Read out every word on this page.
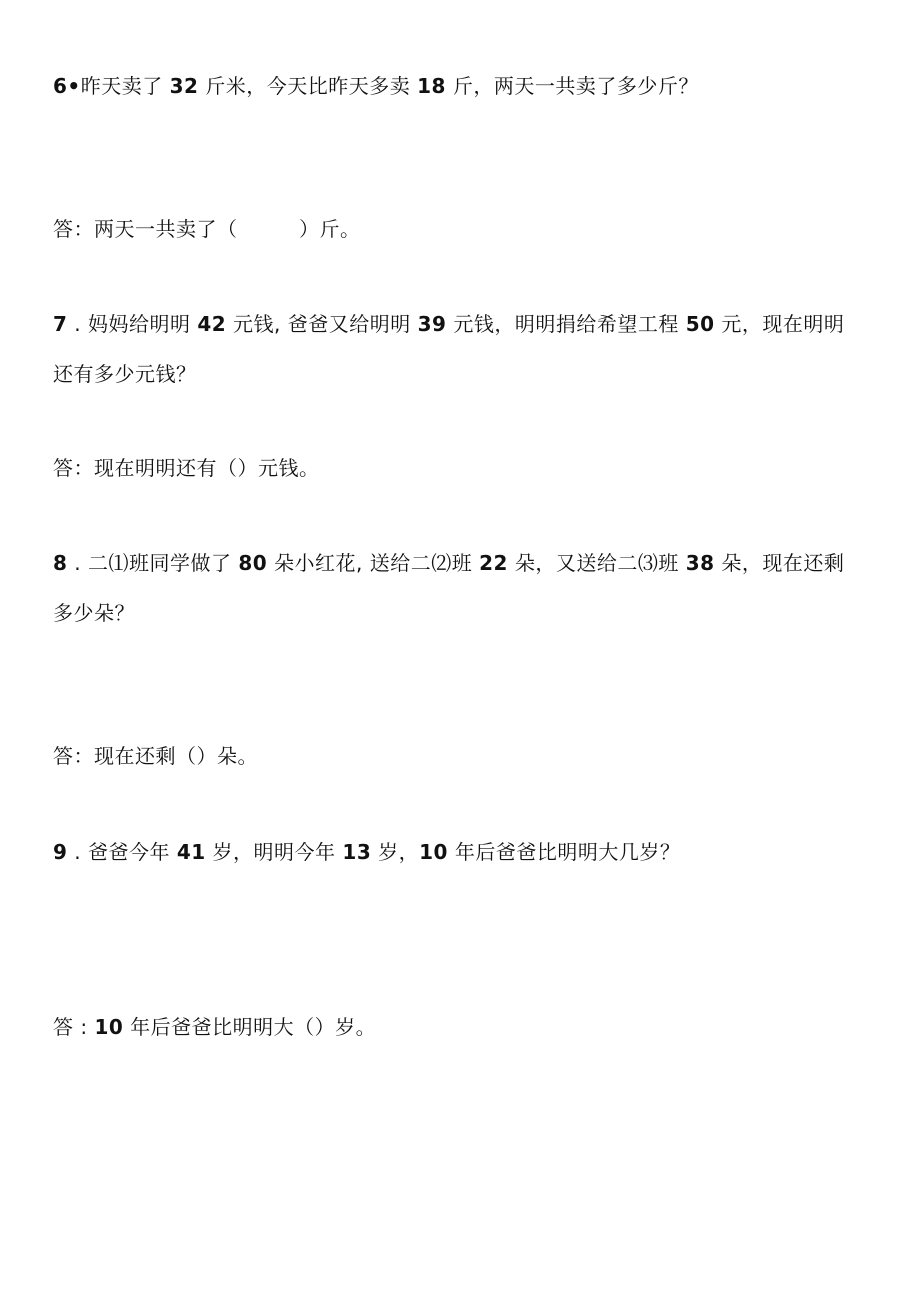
6•昨天卖了 32 斤米，今天比昨天多卖 18 斤，两天一共卖了多少斤？
答：两天一共卖了（　　　）斤。
7 . 妈妈给明明 42 元钱, 爸爸又给明明 39 元钱，明明捐给希望工程 50 元，现在明明
还有多少元钱？
答：现在明明还有（）元钱。
8 . 二⑴班同学做了 80 朵小红花, 送给二⑵班 22 朵，又送给二⑶班 38 朵，现在还剩
多少朵？
答：现在还剩（）朵。
9 . 爸爸今年 41 岁，明明今年 13 岁，10 年后爸爸比明明大几岁？
答 : 10 年后爸爸比明明大（）岁。
